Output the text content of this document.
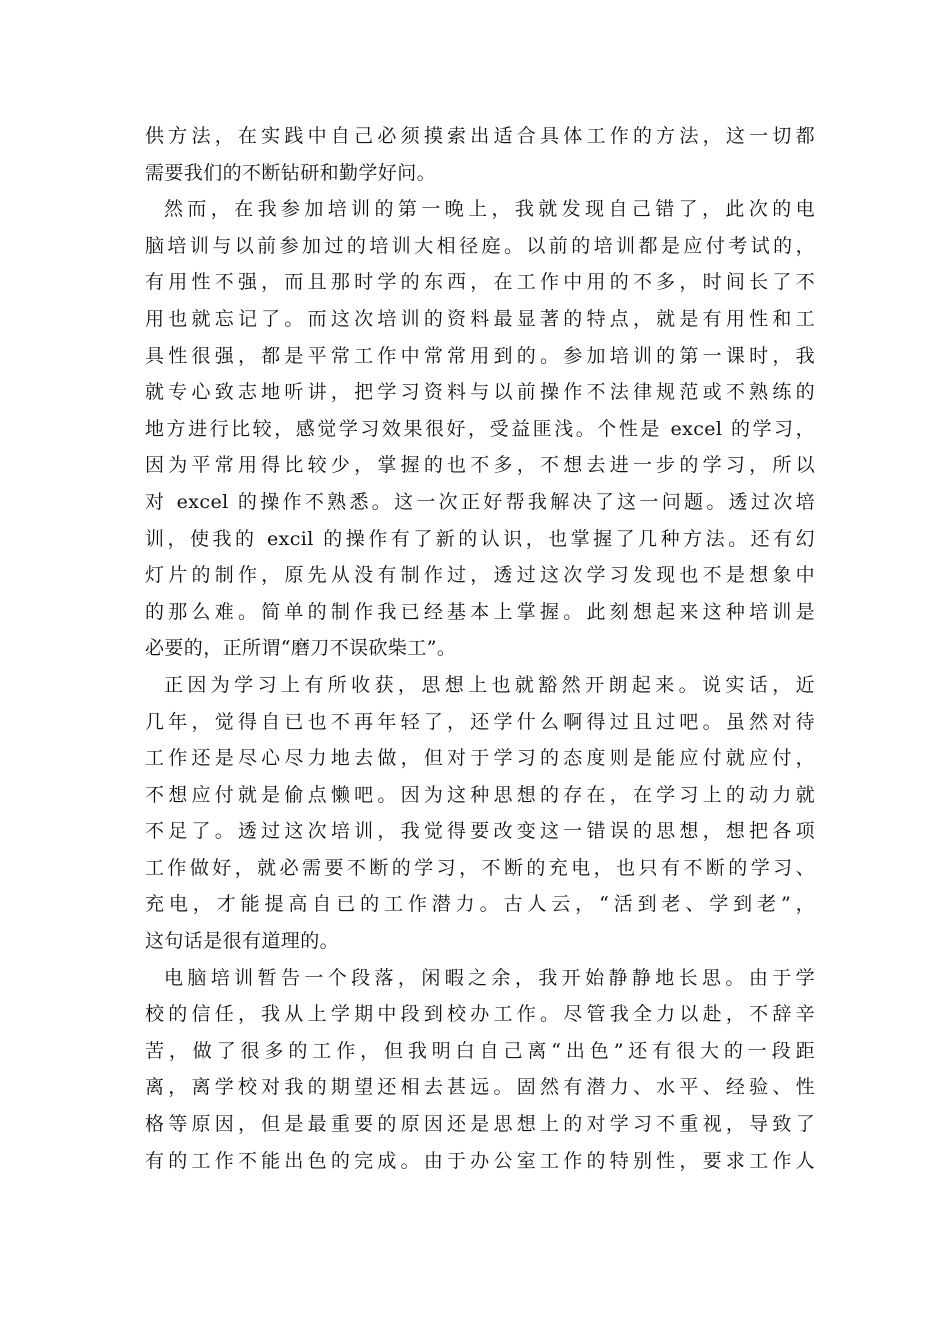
供方法，在实践中自己必须摸索出适合具体工作的方法，这一切都
需要我们的不断钻研和勤学好问。
然而，在我参加培训的第一晚上，我就发现自己错了，此次的电
脑培训与以前参加过的培训大相径庭。以前的培训都是应付考试的，
有用性不强，而且那时学的东西，在工作中用的不多，时间长了不
用也就忘记了。而这次培训的资料最显著的特点，就是有用性和工
具性很强，都是平常工作中常常用到的。参加培训的第一课时，我
就专心致志地听讲，把学习资料与以前操作不法律规范或不熟练的
地方进行比较，感觉学习效果很好，受益匪浅。个性是 excel 的学习，
因为平常用得比较少，掌握的也不多，不想去进一步的学习，所以
对 excel 的操作不熟悉。这一次正好帮我解决了这一问题。透过次培
训，使我的 excil 的操作有了新的认识，也掌握了几种方法。还有幻
灯片的制作，原先从没有制作过，透过这次学习发现也不是想象中
的那么难。简单的制作我已经基本上掌握。此刻想起来这种培训是
必要的，正所谓“磨刀不误砍柴工”。
正因为学习上有所收获，思想上也就豁然开朗起来。说实话，近
几年，觉得自已也不再年轻了，还学什么啊得过且过吧。虽然对待
工作还是尽心尽力地去做，但对于学习的态度则是能应付就应付，
不想应付就是偷点懒吧。因为这种思想的存在，在学习上的动力就
不足了。透过这次培训，我觉得要改变这一错误的思想，想把各项
工作做好，就必需要不断的学习，不断的充电，也只有不断的学习、
充电，才能提高自已的工作潜力。古人云，“活到老、学到老”，
这句话是很有道理的。
电脑培训暂告一个段落，闲暇之余，我开始静静地长思。由于学
校的信任，我从上学期中段到校办工作。尽管我全力以赴，不辞辛
苦，做了很多的工作，但我明白自己离“出色”还有很大的一段距
离，离学校对我的期望还相去甚远。固然有潜力、水平、经验、性
格等原因，但是最重要的原因还是思想上的对学习不重视，导致了
有的工作不能出色的完成。由于办公室工作的特别性，要求工作人
